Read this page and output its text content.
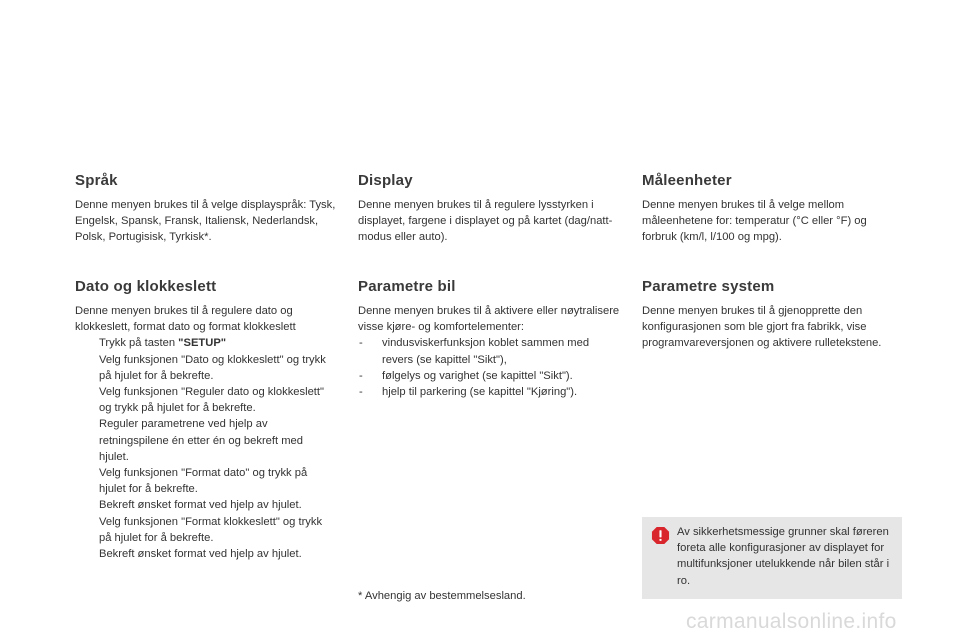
Språk

Denne menyen brukes til å velge displayspråk: Tysk, Engelsk, Spansk, Fransk, Italiensk, Nederlandsk, Polsk, Portugisisk, Tyrkisk*.

Dato og klokkeslett

Denne menyen brukes til å regulere dato og klokkeslett, format dato og format klokkeslett

Trykk på tasten "SETUP"
Velg funksjonen "Dato og klokkeslett" og trykk på hjulet for å bekrefte.
Velg funksjonen "Reguler dato og klokkeslett" og trykk på hjulet for å bekrefte.
Reguler parametrene ved hjelp av retningspilene én etter én og bekreft med hjulet.
Velg funksjonen "Format dato" og trykk på hjulet for å bekrefte.
Bekreft ønsket format ved hjelp av hjulet.
Velg funksjonen "Format klokkeslett" og trykk på hjulet for å bekrefte.
Bekreft ønsket format ved hjelp av hjulet.
Display

Denne menyen brukes til å regulere lysstyrken i displayet, fargene i displayet og på kartet (dag/natt-modus eller auto).

Parametre bil

Denne menyen brukes til å aktivere eller nøytralisere visse kjøre- og komfortelementer:

- vindusviskerfunksjon koblet sammen med revers (se kapittel "Sikt"),
- følgelys og varighet (se kapittel "Sikt").
- hjelp til parkering (se kapittel "Kjøring").

* Avhengig av bestemmelsesland.

Måleenheter

Denne menyen brukes til å velge mellom måleenhetene for: temperatur (°C eller °F) og forbruk (km/l, l/100 og mpg).

Parametre system

Denne menyen brukes til å gjenopprette den konfigurasjonen som ble gjort fra fabrikk, vise programvareversjonen og aktivere rulletekstene.

Av sikkerhetsmessige grunner skal føreren foreta alle konfigurasjoner av displayet for multifunksjoner utelukkende når bilen står i ro.

carmanualsonline.info
